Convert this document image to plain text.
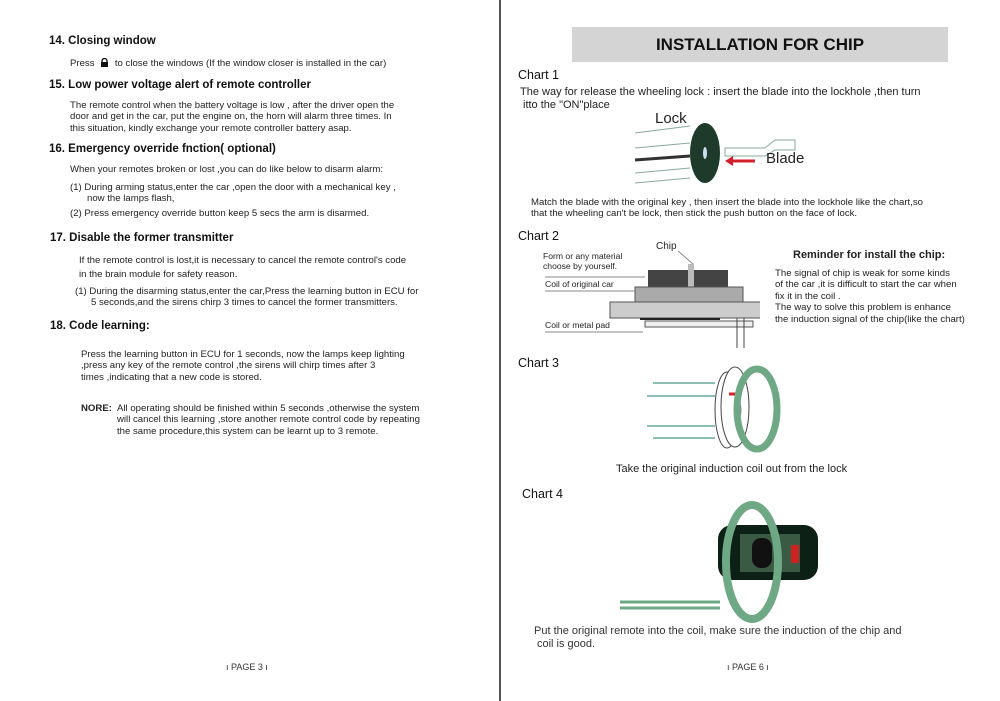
14. Closing window
Press to close the windows (If the window closer is installed in the car)
15. Low power voltage alert of remote controller
The remote control when the battery voltage is low , after the driver open the
door and get in the car, put the engine on, the horn will alarm three times. In
this situation, kindly exchange your remote controller battery asap.
16. Emergency override fnction( optional)
When your remotes broken or lost ,you can do like below to disarm alarm:
(1) During arming status,enter the car ,open the door with a mechanical key ,
now the lamps flash,
(2) Press emergency override button keep 5 secs the arm is disarmed.
17. Disable the former transmitter
If the remote control is lost,it is necessary to cancel the remote control's code
in the brain module for safety reason.
(1) During the disarming status,enter the car,Press the learning button in ECU for
5 seconds,and the sirens chirp 3 times to cancel the former transmitters.
18. Code learning:
Press the learning button in ECU for 1 seconds, now the lamps keep lighting
,press any key of the remote control ,the sirens will chirp times after 3
times ,indicating that a new code is stored.
NORE: All operating should be finished within 5 seconds ,otherwise the system
will cancel this learning ,store another remote control code by repeating
the same procedure,this system can be learnt up to 3 remote.
ı PAGE 3 ı
INSTALLATION FOR CHIP
Chart 1
The way for release the wheeling lock : insert the blade into the lockhole ,then turn
itto the "ON"place
Lock
Blade
Match the blade with the original key , then insert the blade into the lockhole like the chart,so
that the wheeling can't be lock, then stick the push button on the face of lock.
Chart 2
Chip
Form or any material
choose by yourself.
Coil of original car
Coil or metal pad
Reminder for install the chip:
The signal of chip is weak for some kinds
of the car ,it is difficult to start the car when
fix it in the coil .
The way to solve this problem is enhance
the induction signal of the chip(like the chart)
Chart 3
Take the original induction coil out from the lock
Chart 4
Put the original remote into the coil, make sure the induction of the chip and
coil is good.
ı PAGE 6 ı
